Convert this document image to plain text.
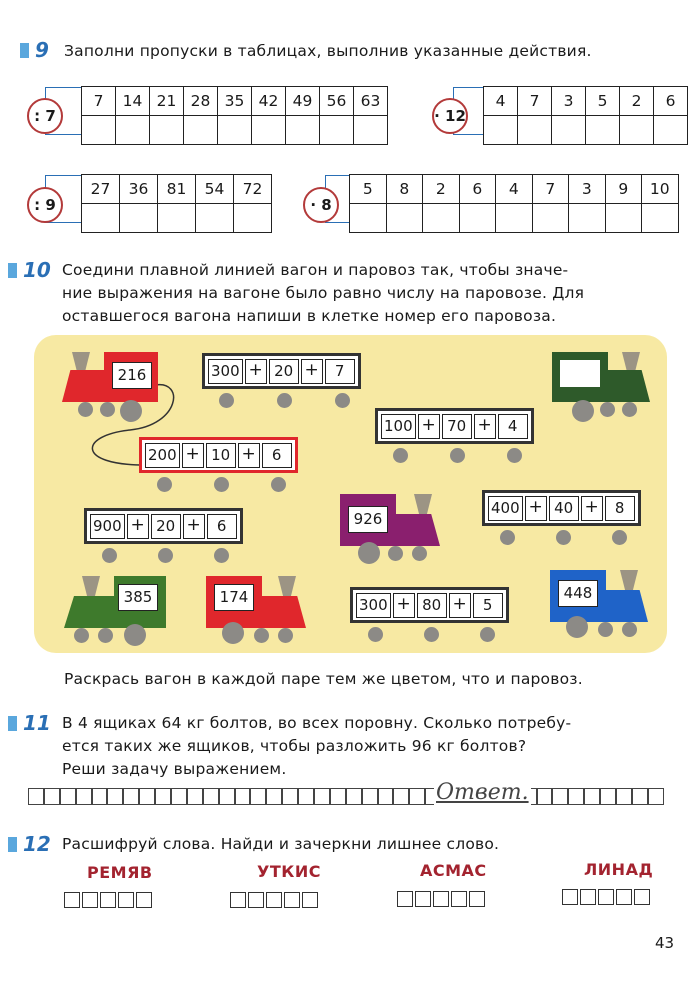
9 Заполни пропуски в таблицах, выполнив указанные действия.
: 7
7	14	21	28	35	42	49	56	63

· 12
4	7	3	5	2	6

: 9
27	36	81	54	72

· 8
5	8	2	6	4	7	3	9	10

10 Соедини плавной линией вагон и паровоз так, чтобы значе-
ние выражения на вагоне было равно числу на паровозе. Для
оставшегося вагона напиши в клетке номер его паровоза.
216	300 + 20 +	7
100 + 70 +	4
200 + 10 +	6
400 + 40 +	8
926
900 + 20 +	6
385	174	300 + 80 +	5
448
Раскрась вагон в каждой паре тем же цветом, что и паровоз.
11 В 4 ящиках 64 кг болтов, во всех поровну. Сколько потребу-
ется таких же ящиков, чтобы разложить 96 кг болтов?
Реши задачу выражением.
Ответ.
12 Расшифруй слова. Найди и зачеркни лишнее слово.
РЕМЯВ	УТКИС	АСМАС	ЛИНАД
43
